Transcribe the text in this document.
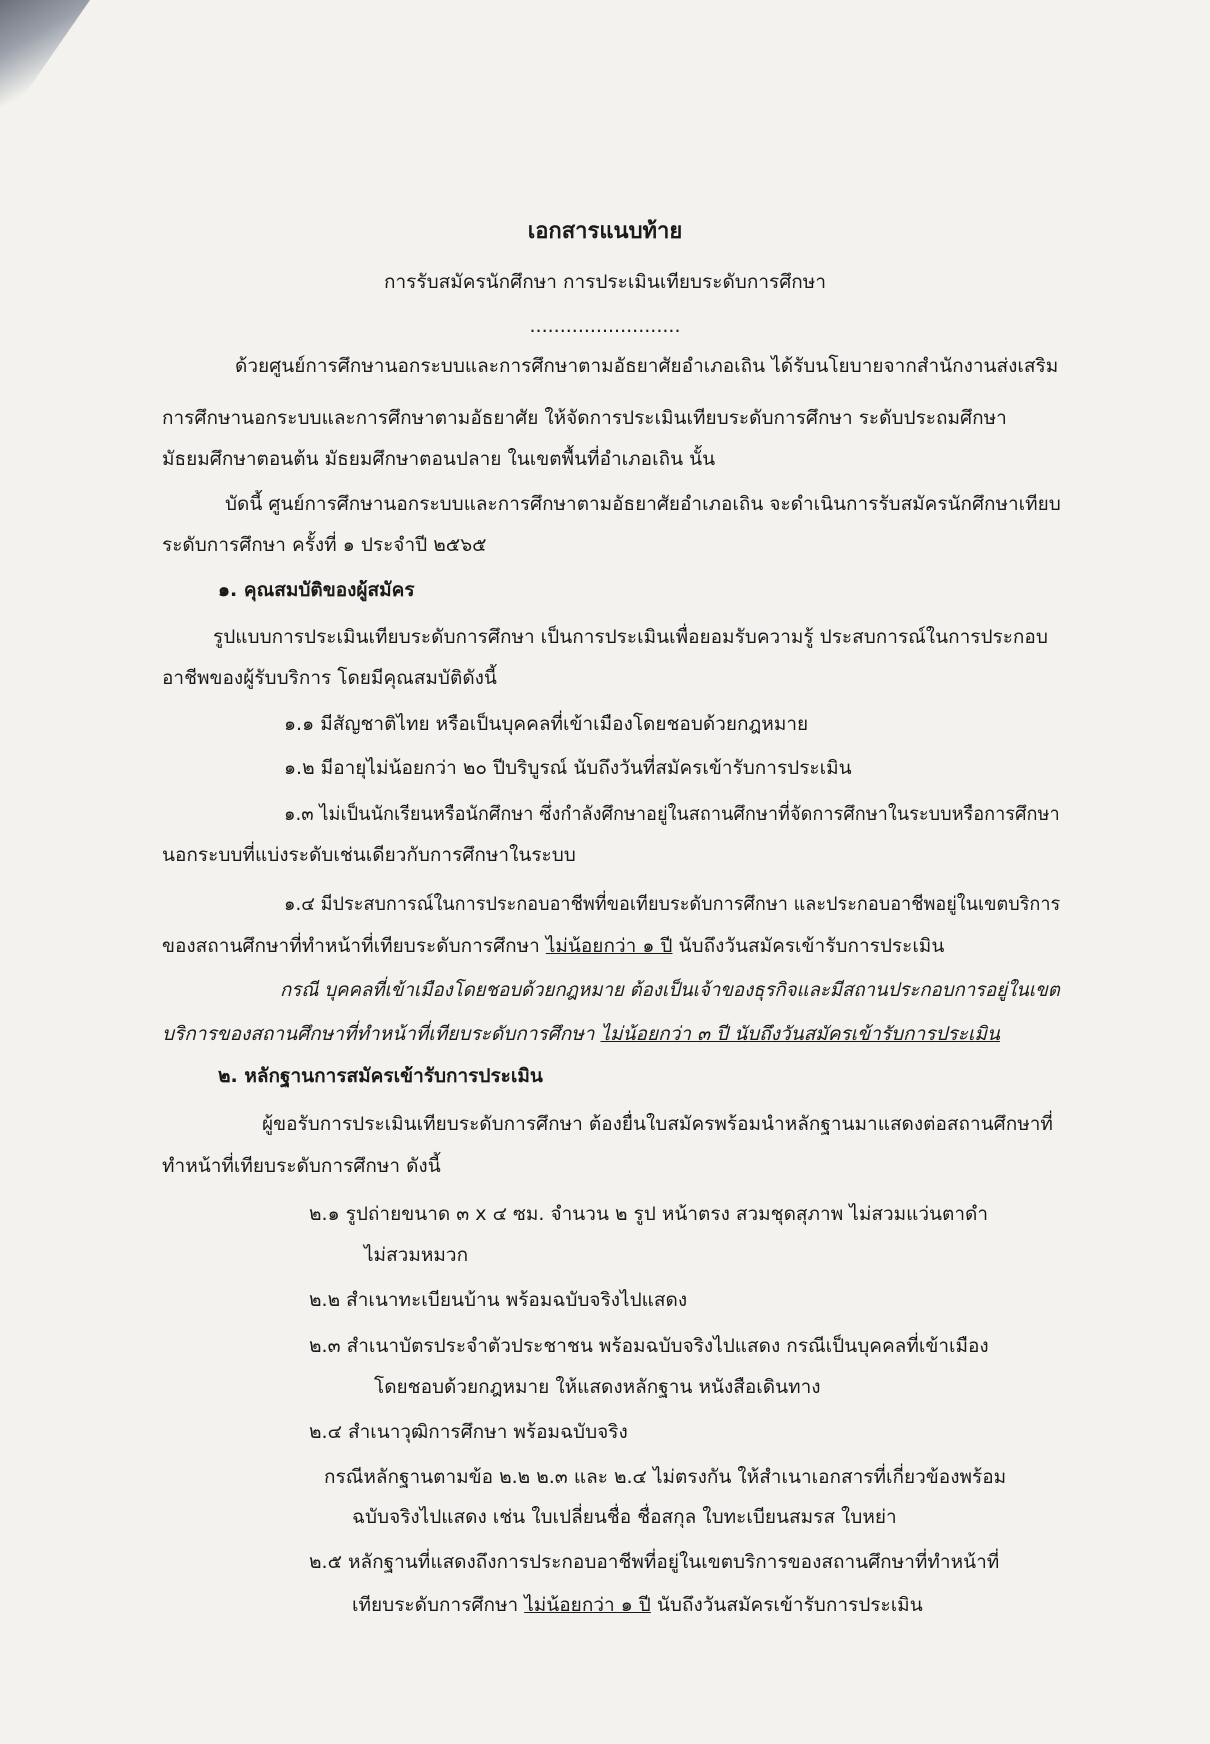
เอกสารแนบท้าย
การรับสมัครนักศึกษา การประเมินเทียบระดับการศึกษา
.........................
ด้วยศูนย์การศึกษานอกระบบและการศึกษาตามอัธยาศัยอำเภอเถิน ได้รับนโยบายจากสำนักงานส่งเสริม
การศึกษานอกระบบและการศึกษาตามอัธยาศัย ให้จัดการประเมินเทียบระดับการศึกษา ระดับประถมศึกษา
มัธยมศึกษาตอนต้น มัธยมศึกษาตอนปลาย ในเขตพื้นที่อำเภอเถิน นั้น
บัดนี้ ศูนย์การศึกษานอกระบบและการศึกษาตามอัธยาศัยอำเภอเถิน จะดำเนินการรับสมัครนักศึกษาเทียบ
ระดับการศึกษา ครั้งที่ ๑ ประจำปี ๒๕๖๕
๑. คุณสมบัติของผู้สมัคร
รูปแบบการประเมินเทียบระดับการศึกษา เป็นการประเมินเพื่อยอมรับความรู้ ประสบการณ์ในการประกอบ
อาชีพของผู้รับบริการ โดยมีคุณสมบัติดังนี้
๑.๑ มีสัญชาติไทย หรือเป็นบุคคลที่เข้าเมืองโดยชอบด้วยกฎหมาย
๑.๒ มีอายุไม่น้อยกว่า ๒๐ ปีบริบูรณ์ นับถึงวันที่สมัครเข้ารับการประเมิน
๑.๓ ไม่เป็นนักเรียนหรือนักศึกษา ซึ่งกำลังศึกษาอยู่ในสถานศึกษาที่จัดการศึกษาในระบบหรือการศึกษา
นอกระบบที่แบ่งระดับเช่นเดียวกับการศึกษาในระบบ
๑.๔ มีประสบการณ์ในการประกอบอาชีพที่ขอเทียบระดับการศึกษา และประกอบอาชีพอยู่ในเขตบริการ
ของสถานศึกษาที่ทำหน้าที่เทียบระดับการศึกษา ไม่น้อยกว่า ๑ ปี นับถึงวันสมัครเข้ารับการประเมิน
กรณี บุคคลที่เข้าเมืองโดยชอบด้วยกฎหมาย ต้องเป็นเจ้าของธุรกิจและมีสถานประกอบการอยู่ในเขต
บริการของสถานศึกษาที่ทำหน้าที่เทียบระดับการศึกษา ไม่น้อยกว่า ๓ ปี นับถึงวันสมัครเข้ารับการประเมิน
๒. หลักฐานการสมัครเข้ารับการประเมิน
ผู้ขอรับการประเมินเทียบระดับการศึกษา ต้องยื่นใบสมัครพร้อมนำหลักฐานมาแสดงต่อสถานศึกษาที่
ทำหน้าที่เทียบระดับการศึกษา ดังนี้
๒.๑ รูปถ่ายขนาด ๓ x ๔ ซม. จำนวน ๒ รูป หน้าตรง สวมชุดสุภาพ ไม่สวมแว่นตาดำ
ไม่สวมหมวก
๒.๒ สำเนาทะเบียนบ้าน พร้อมฉบับจริงไปแสดง
๒.๓ สำเนาบัตรประจำตัวประชาชน พร้อมฉบับจริงไปแสดง กรณีเป็นบุคคลที่เข้าเมือง
โดยชอบด้วยกฎหมาย ให้แสดงหลักฐาน หนังสือเดินทาง
๒.๔ สำเนาวุฒิการศึกษา พร้อมฉบับจริง
กรณีหลักฐานตามข้อ ๒.๒ ๒.๓ และ ๒.๔ ไม่ตรงกัน ให้สำเนาเอกสารที่เกี่ยวข้องพร้อม
ฉบับจริงไปแสดง เช่น ใบเปลี่ยนชื่อ ชื่อสกุล ใบทะเบียนสมรส ใบหย่า
๒.๕ หลักฐานที่แสดงถึงการประกอบอาชีพที่อยู่ในเขตบริการของสถานศึกษาที่ทำหน้าที่
เทียบระดับการศึกษา ไม่น้อยกว่า ๑ ปี นับถึงวันสมัครเข้ารับการประเมิน
